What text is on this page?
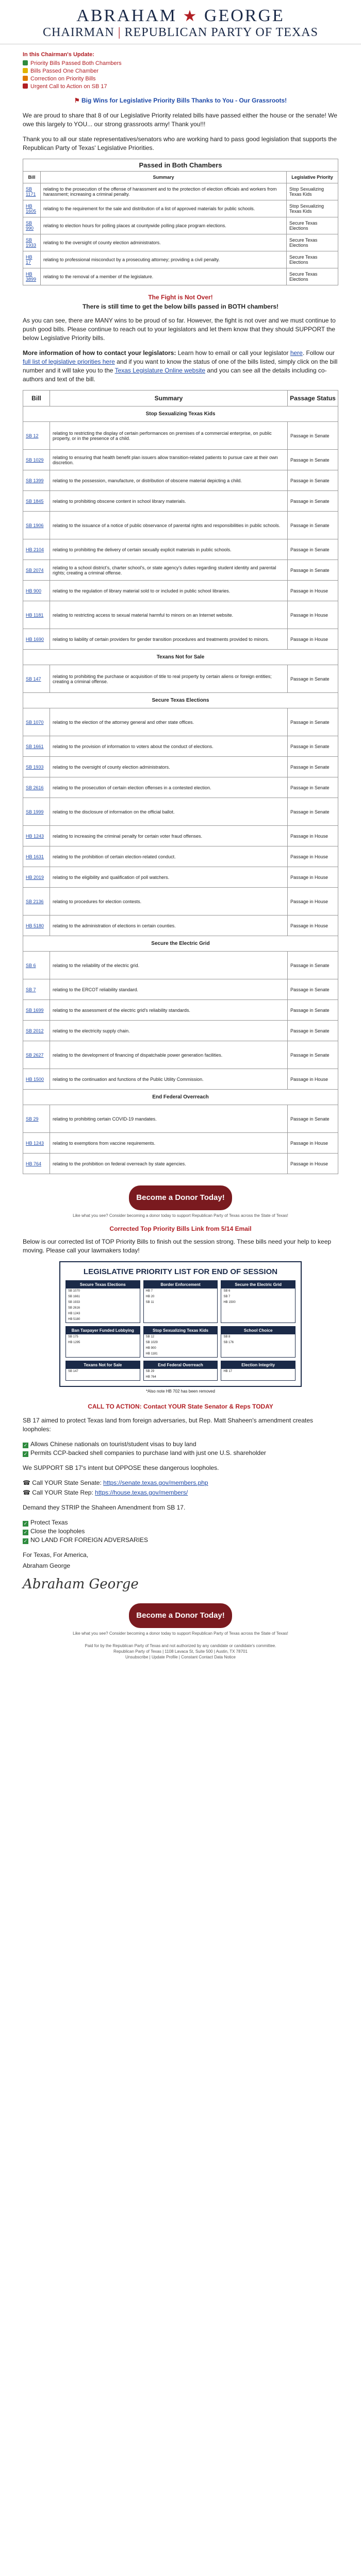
ABRAHAM ★ GEORGE
CHAIRMAN | REPUBLICAN PARTY OF TEXAS
In this Chairman's Update:
Priority Bills Passed Both Chambers
Bills Passed One Chamber
Correction on Priority Bills
Urgent Call to Action on SB 17
⚑ Big Wins for Legislative Priority Bills Thanks to You - Our Grassroots!

We are proud to share that 8 of our Legislative Priority related bills have passed either the house or the senate! We owe this largely to YOU... our strong grassroots army! Thank you!!!

Thank you to all our state representatives/senators who are working hard to pass good legislation that supports the Republican Party of Texas' Legislative Priorities.

Passed in Both Chambers
Bill	Summary	Legislative Priority
SB 1171	relating to the prosecution of the offense of harassment and to the protection of election officials and workers from harassment; increasing a criminal penalty.	Stop Sexualizing Texas Kids
HB 1605	relating to the requirement for the sale and distribution of a list of approved materials for public schools.	Stop Sexualizing Texas Kids
SB 990	relating to election hours for polling places at countywide polling place program elections.	Secure Texas Elections
SB 1933	relating to the oversight of county election administrators.	Secure Texas Elections
HB 17	relating to professional misconduct by a prosecuting attorney; providing a civil penalty.	Secure Texas Elections
HB 3899	relating to the removal of a member of the legislature.	Secure Texas Elections
The Fight is Not Over!
There is still time to get the below bills passed in BOTH chambers!

As you can see, there are MANY wins to be proud of so far. However, the fight is not over and we must continue to push good bills. Please continue to reach out to your legislators and let them know that they should SUPPORT the below Legislative Priority bills.

More information of how to contact your legislators: Learn how to email or call your legislator here. Follow our full list of legislative priorities here and if you want to know the status of one of the bills listed, simply click on the bill number and it will take you to the Texas Legislature Online website and you can see all the details including co-authors and text of the bill.

Bill	Summary	Passage Status
Stop Sexualizing Texas Kids		
SB 12	relating to restricting the display of certain performances on premises of a commercial enterprise, on public property, or in the presence of a child.	Passage in Senate
SB 1029	relating to ensuring that health benefit plan issuers allow transition-related patients to pursue care at their own discretion.	Passage in Senate
SB 1399	relating to the possession, manufacture, or distribution of obscene material depicting a child.	Passage in Senate
SB 1845	relating to prohibiting obscene content in school library materials.	Passage in Senate
SB 1906	relating to the issuance of a notice of public observance of parental rights and responsibilities in public schools.	Passage in Senate
HB 2104	relating to prohibiting the delivery of certain sexually explicit materials in public schools.	Passage in Senate
SB 2074	relating to a school district's, charter school's, or state agency's duties regarding student identity and parental rights; creating a criminal offense.	Passage in Senate
HB 900	relating to the regulation of library material sold to or included in public school libraries.	Passage in House
HB 1181	relating to restricting access to sexual material harmful to minors on an Internet website.	Passage in House
HB 1690	relating to liability of certain providers for gender transition procedures and treatments provided to minors.	Passage in House
Texans Not for Sale		
SB 147	relating to prohibiting the purchase or acquisition of title to real property by certain aliens or foreign entities; creating a criminal offense.	Passage in Senate
Secure Texas Elections		
SB 1070	relating to the election of the attorney general and other state offices.	Passage in Senate
SB 1661	relating to the provision of information to voters about the conduct of elections.	Passage in Senate
SB 1933	relating to the oversight of county election administrators.	Passage in Senate
SB 2616	relating to the prosecution of certain election offenses in a contested election.	Passage in Senate
SB 1999	relating to the disclosure of information on the official ballot.	Passage in Senate
HB 1243	relating to increasing the criminal penalty for certain voter fraud offenses.	Passage in House
HB 1631	relating to the prohibition of certain election-related conduct.	Passage in House
HB 2019	relating to the eligibility and qualification of poll watchers.	Passage in House
SB 2136	relating to procedures for election contests.	Passage in House
HB 5180	relating to the administration of elections in certain counties.	Passage in House
Secure the Electric Grid		
SB 6	relating to the reliability of the electric grid.	Passage in Senate
SB 7	relating to the ERCOT reliability standard.	Passage in Senate
SB 1699	relating to the assessment of the electric grid's reliability standards.	Passage in Senate
SB 2012	relating to the electricity supply chain.	Passage in Senate
SB 2627	relating to the development of financing of dispatchable power generation facilities.	Passage in Senate
HB 1500	relating to the continuation and functions of the Public Utility Commission.	Passage in House
End Federal Overreach		
SB 29	relating to prohibiting certain COVID-19 mandates.	Passage in Senate
HB 1243	relating to exemptions from vaccine requirements.	Passage in House
HB 764	relating to the prohibition on federal overreach by state agencies.	Passage in House
Become a Donor Today!
Like what you see? Consider becoming a donor today to support Republican Party of Texas across the State of Texas!
Corrected Top Priority Bills Link from 5/14 Email

Below is our corrected list of TOP Priority Bills to finish out the session strong. These bills need your help to keep moving. Please call your lawmakers today!

LEGISLATIVE PRIORITY LIST FOR END OF SESSION
Secure Texas Elections
SB 1070
SB 1661
SB 1933
SB 2616
HB 1243
HB 5180
Border Enforcement
HB 7
HB 20
SB 11
Secure the Electric Grid
SB 6
SB 7
HB 1500
Ban Taxpayer Funded Lobbying
SB 175
HB 1295
Stop Sexualizing Texas Kids
SB 12
SB 1029
HB 900
HB 1181
School Choice
SB 8
SB 176
Texans Not for Sale
SB 147
End Federal Overreach
SB 29
HB 764
Election Integrity
HB 17
*Also note HB 702 has been removed
CALL TO ACTION: Contact YOUR State Senator & Reps TODAY

SB 17 aimed to protect Texas land from foreign adversaries, but Rep. Matt Shaheen's amendment creates loopholes:

✓ Allows Chinese nationals on tourist/student visas to buy land
✓ Permits CCP-backed shell companies to purchase land with just one U.S. shareholder

We SUPPORT SB 17's intent but OPPOSE these dangerous loopholes.

☎ Call YOUR State Senate: https://senate.texas.gov/members.php

☎ Call YOUR State Rep: https://house.texas.gov/members/

Demand they STRIP the Shaheen Amendment from SB 17.

✓ Protect Texas
✓ Close the loopholes
✓ NO LAND FOR FOREIGN ADVERSARIES

For Texas, For America,

Abraham George

Abraham George
Become a Donor Today!
Like what you see? Consider becoming a donor today to support Republican Party of Texas across the State of Texas!
Paid for by the Republican Party of Texas and not authorized by any candidate or candidate's committee.
Republican Party of Texas | 1108 Lavaca St, Suite 500 | Austin, TX 78701
Unsubscribe | Update Profile | Constant Contact Data Notice
